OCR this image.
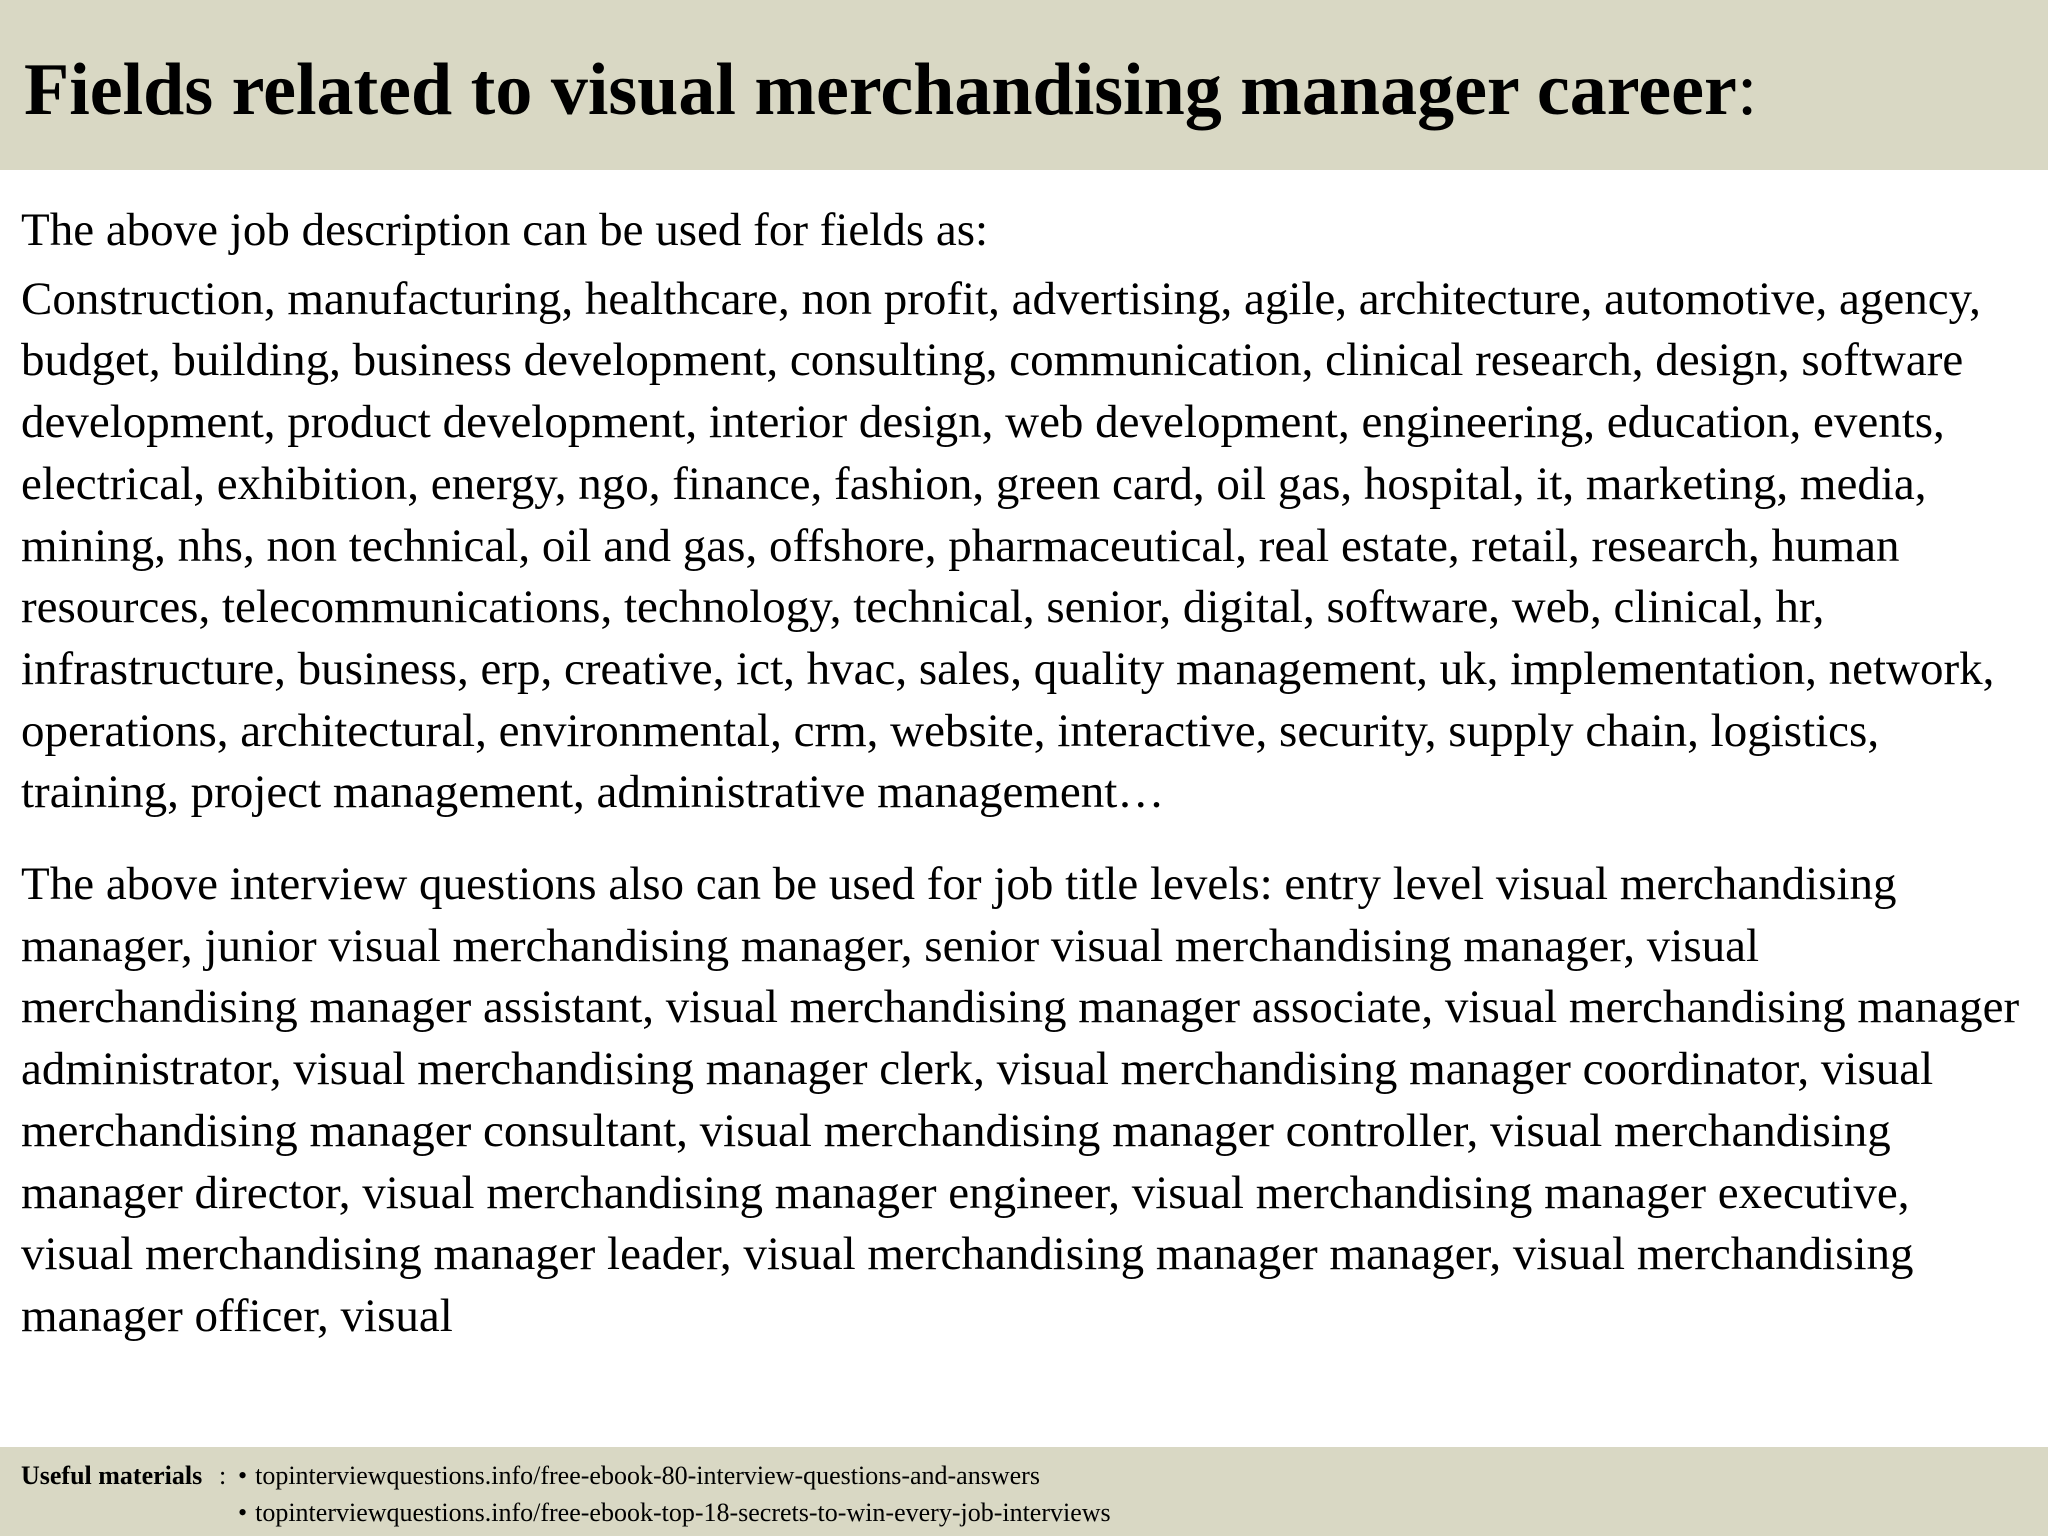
Fields related to visual merchandising manager career:

The above job description can be used for fields as:

Construction, manufacturing, healthcare, non profit, advertising, agile, architecture, automotive, agency, budget, building, business development, consulting, communication, clinical research, design, software development, product development, interior design, web development, engineering, education, events, electrical, exhibition, energy, ngo, finance, fashion, green card, oil gas, hospital, it, marketing, media, mining, nhs, non technical, oil and gas, offshore, pharmaceutical, real estate, retail, research, human resources, telecommunications, technology, technical, senior, digital, software, web, clinical, hr, infrastructure, business, erp, creative, ict, hvac, sales, quality management, uk, implementation, network, operations, architectural, environmental, crm, website, interactive, security, supply chain, logistics, training, project management, administrative management…

The above interview questions also can be used for job title levels: entry level visual merchandising manager, junior visual merchandising manager, senior visual merchandising manager, visual merchandising manager assistant, visual merchandising manager associate, visual merchandising manager administrator, visual merchandising manager clerk, visual merchandising manager coordinator, visual merchandising manager consultant, visual merchandising manager controller, visual merchandising manager director, visual merchandising manager engineer, visual merchandising manager executive, visual merchandising manager leader, visual merchandising manager manager, visual merchandising manager officer, visual

Useful materials : • topinterviewquestions.info/free-ebook-80-interview-questions-and-answers
• topinterviewquestions.info/free-ebook-top-18-secrets-to-win-every-job-interviews
